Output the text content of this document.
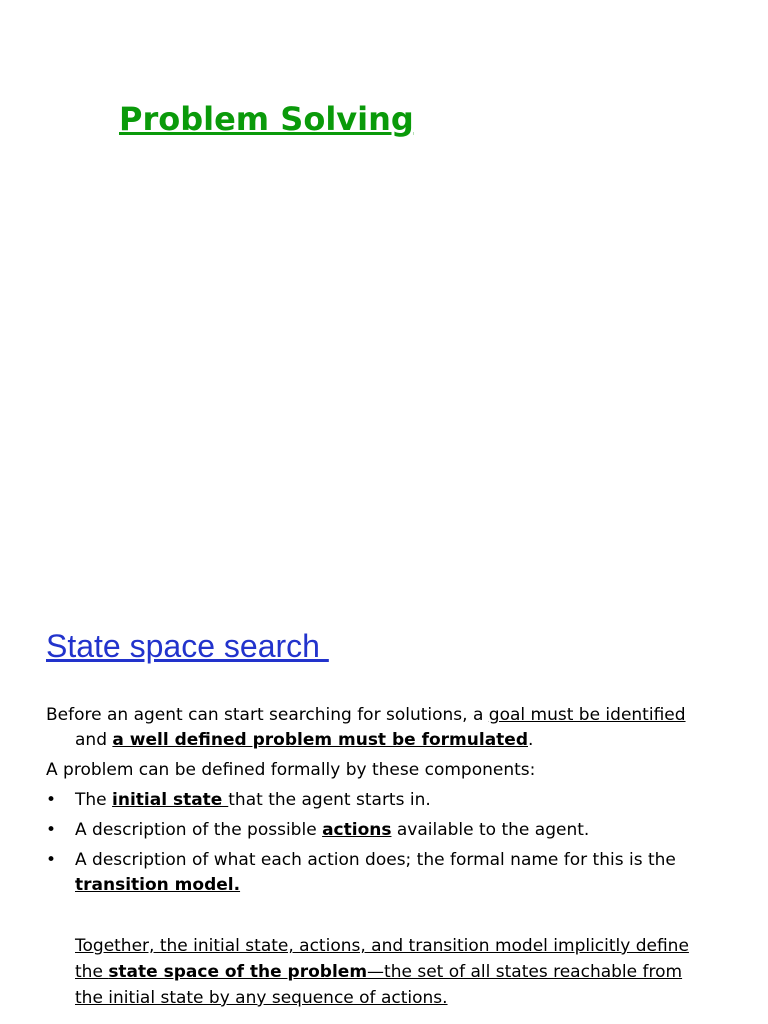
Problem Solving
State space search

Before an agent can start searching for solutions, a goal must be identified
and a well defined problem must be formulated.

A problem can be defined formally by these components:

• The initial state that the agent starts in.
• A description of the possible actions available to the agent.
• A description of what each action does; the formal name for this is the transition model.

Together, the initial state, actions, and transition model implicitly define the state space of the problem—the set of all states reachable from the initial state by any sequence of actions.
